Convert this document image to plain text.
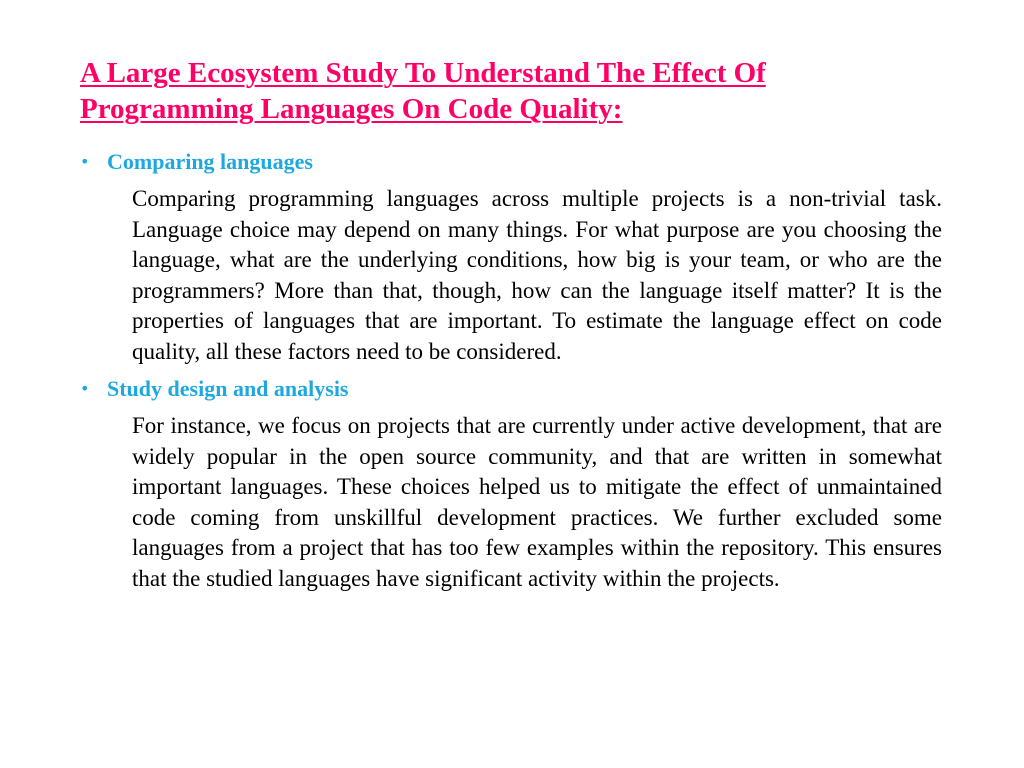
A Large Ecosystem Study To Understand The Effect Of Programming Languages On Code Quality:
• Comparing languages

Comparing programming languages across multiple projects is a non-trivial task. Language choice may depend on many things. For what purpose are you choosing the language, what are the underlying conditions, how big is your team, or who are the programmers? More than that, though, how can the language itself matter? It is the properties of languages that are important. To estimate the language effect on code quality, all these factors need to be considered.

• Study design and analysis

For instance, we focus on projects that are currently under active development, that are widely popular in the open source community, and that are written in somewhat important languages. These choices helped us to mitigate the effect of unmaintained code coming from unskillful development practices. We further excluded some languages from a project that has too few examples within the repository. This ensures that the studied languages have significant activity within the projects.
